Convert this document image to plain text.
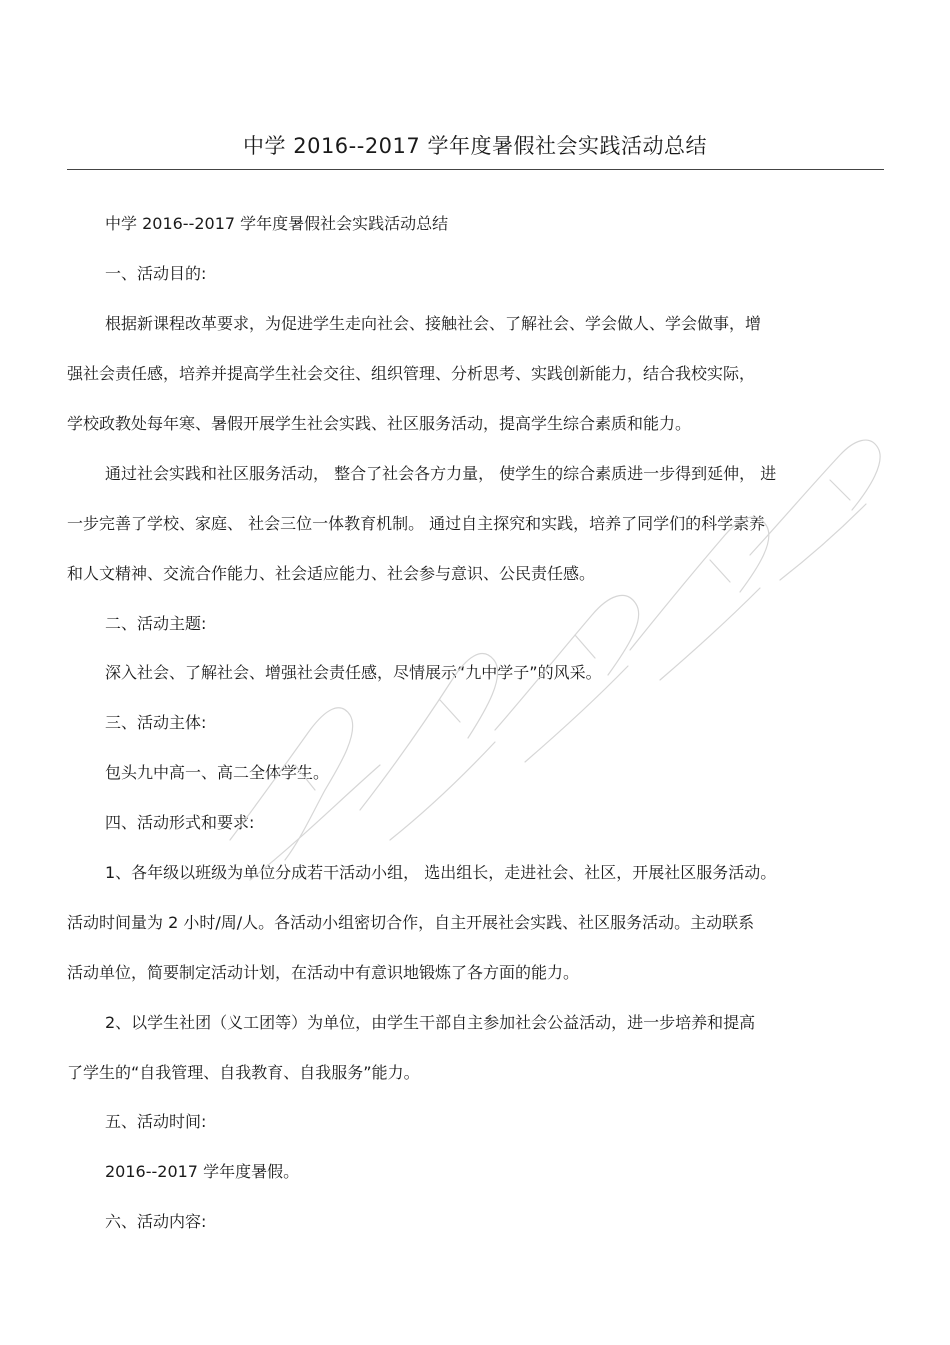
中学 2016--2017 学年度暑假社会实践活动总结
中学 2016--2017 学年度暑假社会实践活动总结
一、活动目的:
根据新课程改革要求，为促进学生走向社会、接触社会、了解社会、学会做人、学会做事，增
强社会责任感，培养并提高学生社会交往、组织管理、分析思考、实践创新能力，结合我校实际，
学校政教处每年寒、暑假开展学生社会实践、社区服务活动，提高学生综合素质和能力。
通过社会实践和社区服务活动， 整合了社会各方力量， 使学生的综合素质进一步得到延伸， 进
一步完善了学校、家庭、 社会三位一体教育机制。 通过自主探究和实践，培养了同学们的科学素养
和人文精神、交流合作能力、社会适应能力、社会参与意识、公民责任感。
二、活动主题:
深入社会、了解社会、增强社会责任感，尽情展示“九中学子”的风采。
三、活动主体:
包头九中高一、高二全体学生。
四、活动形式和要求:
1、各年级以班级为单位分成若干活动小组， 选出组长，走进社会、社区，开展社区服务活动。
活动时间量为 2 小时/周/人。各活动小组密切合作，自主开展社会实践、社区服务活动。主动联系
活动单位，简要制定活动计划，在活动中有意识地锻炼了各方面的能力。
2、以学生社团（义工团等）为单位，由学生干部自主参加社会公益活动，进一步培养和提高
了学生的“自我管理、自我教育、自我服务”能力。
五、活动时间:
2016--2017 学年度暑假。
六、活动内容:
